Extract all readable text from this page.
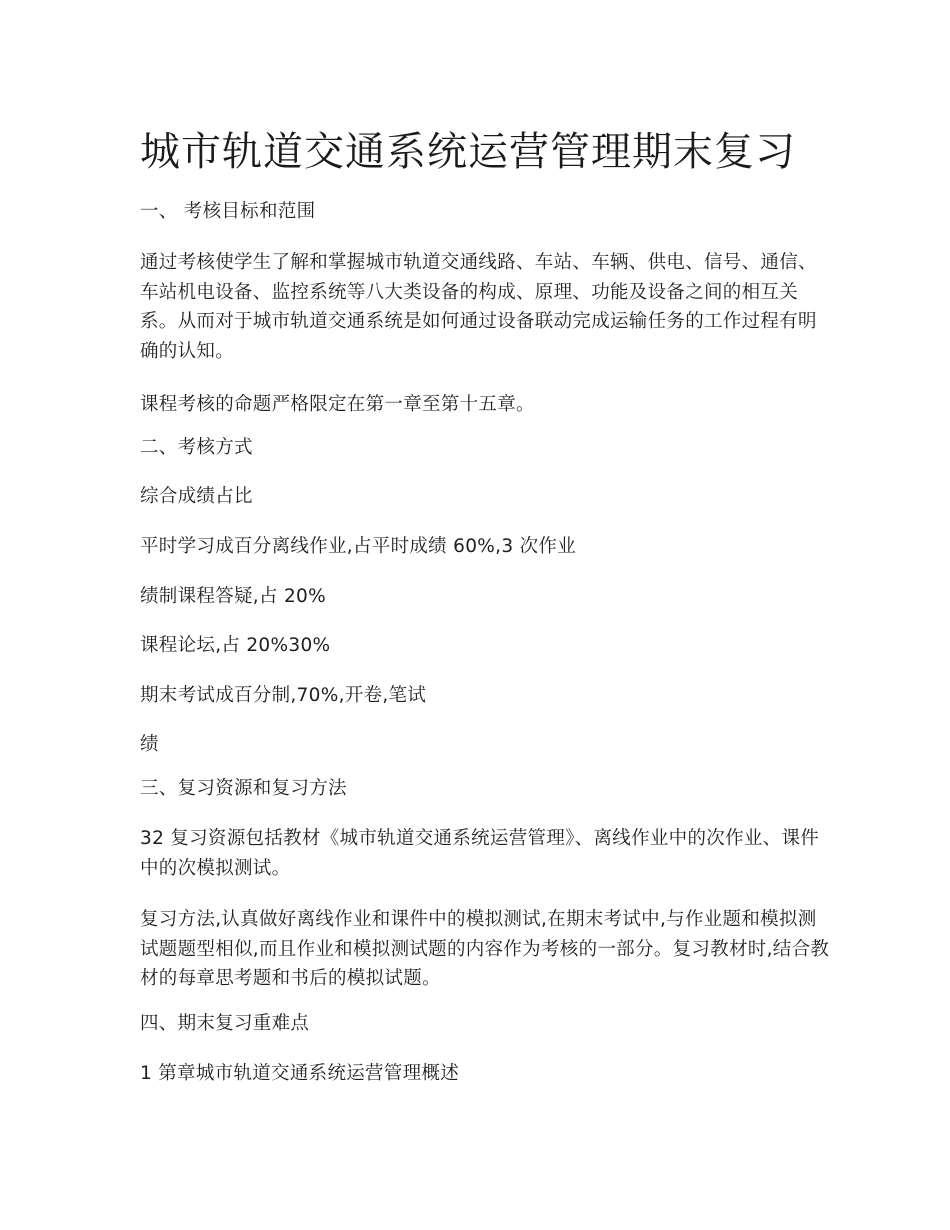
城市轨道交通系统运营管理期末复习

一、 考核目标和范围

通过考核使学生了解和掌握城市轨道交通线路、车站、车辆、供电、信号、通信、车站机电设备、监控系统等八大类设备的构成、原理、功能及设备之间的相互关系。从而对于城市轨道交通系统是如何通过设备联动完成运输任务的工作过程有明确的认知。

课程考核的命题严格限定在第一章至第十五章。

二、考核方式

综合成绩占比

平时学习成百分离线作业,占平时成绩 60%,3 次作业

绩制课程答疑,占 20%

课程论坛,占 20%30%

期末考试成百分制,70%,开卷,笔试

绩

三、复习资源和复习方法

32 复习资源包括教材《城市轨道交通系统运营管理》、离线作业中的次作业、课件中的次模拟测试。

复习方法,认真做好离线作业和课件中的模拟测试,在期末考试中,与作业题和模拟测试题题型相似,而且作业和模拟测试题的内容作为考核的一部分。复习教材时,结合教材的每章思考题和书后的模拟试题。

四、期末复习重难点

1 第章城市轨道交通系统运营管理概述
